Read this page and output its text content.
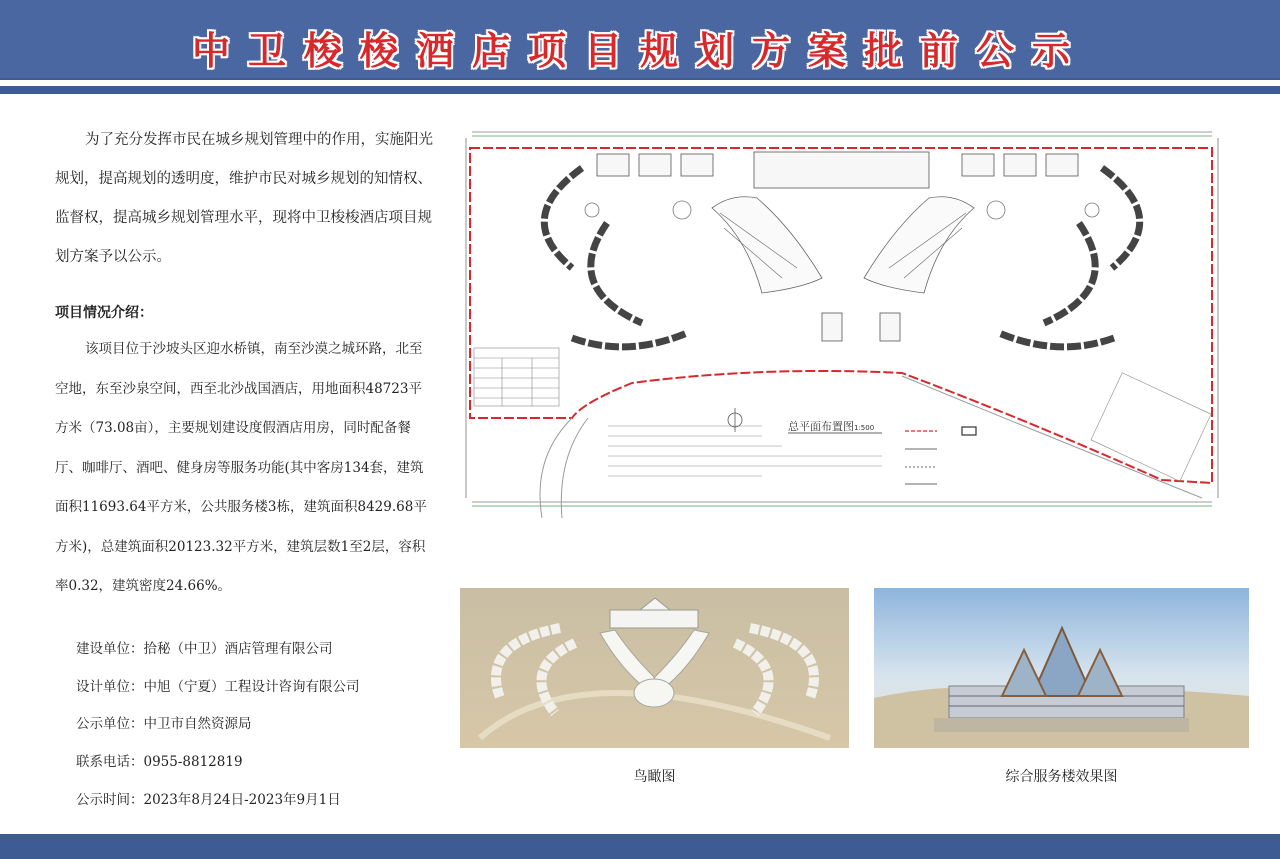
中卫梭梭酒店项目规划方案批前公示

为了充分发挥市民在城乡规划管理中的作用，实施阳光规划，提高规划的透明度，维护市民对城乡规划的知情权、监督权，提高城乡规划管理水平，现将中卫梭梭酒店项目规划方案予以公示。

项目情况介绍：

该项目位于沙坡头区迎水桥镇，南至沙漠之城环路，北至空地，东至沙泉空间，西至北沙战国酒店，用地面积48723平方米（73.08亩），主要规划建设度假酒店用房，同时配备餐厅、咖啡厅、酒吧、健身房等服务功能(其中客房134套，建筑面积11693.64平方米，公共服务楼3栋，建筑面积8429.68平方米)，总建筑面积20123.32平方米，建筑层数1至2层，容积率0.32，建筑密度24.66%。

建设单位：拾秘（中卫）酒店管理有限公司
设计单位：中旭（宁夏）工程设计咨询有限公司
公示单位：中卫市自然资源局
联系电话：0955-8812819
公示时间：2023年8月24日-2023年9月1日
总平面布置图 1:500
鸟瞰图	综合服务楼效果图
